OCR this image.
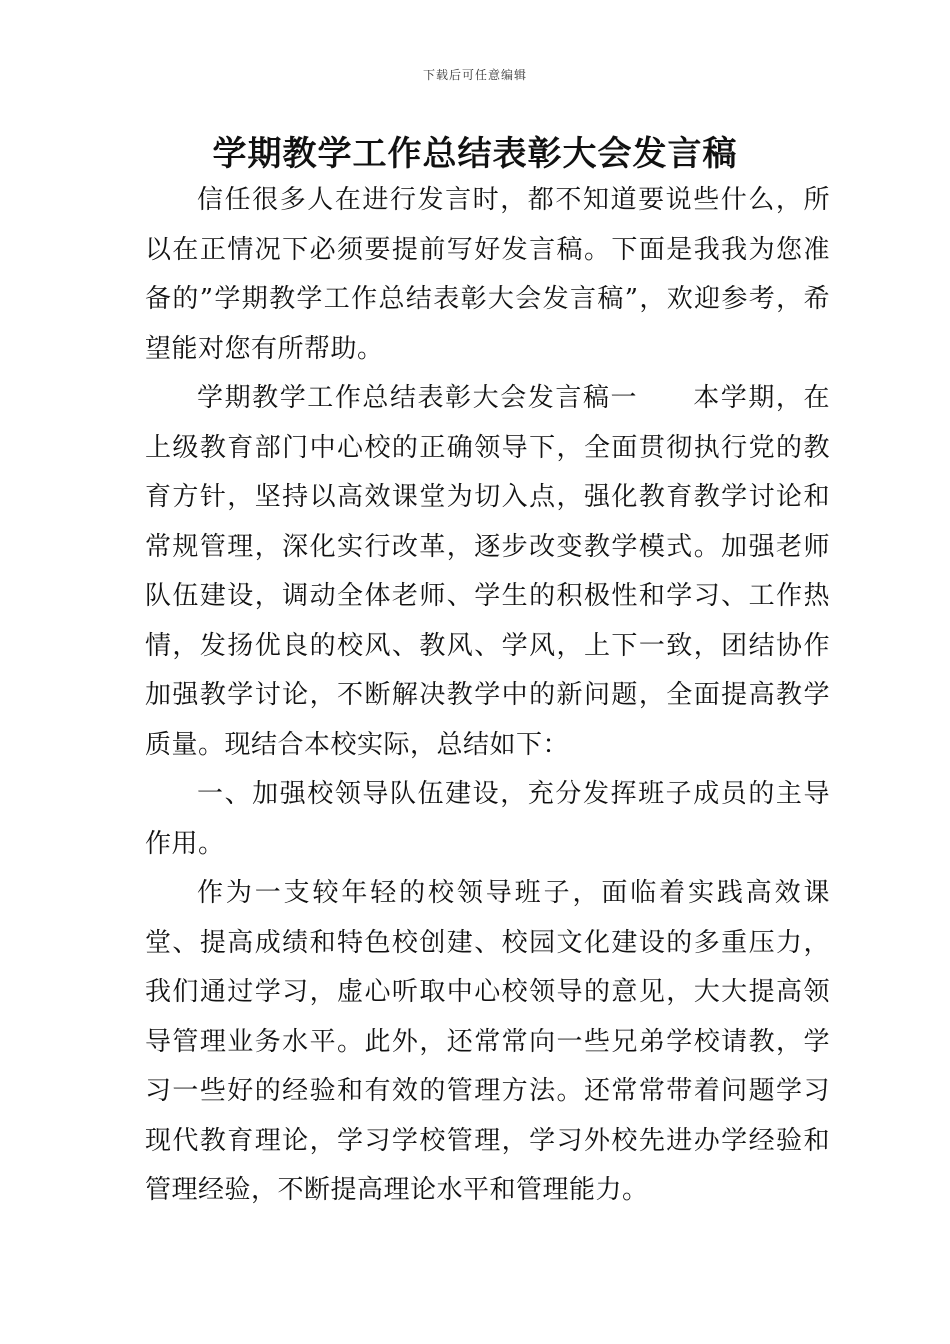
下载后可任意编辑
学期教学工作总结表彰大会发言稿

信任很多人在进行发言时，都不知道要说些什么，所以在正情况下必须要提前写好发言稿。下面是我我为您准备的”学期教学工作总结表彰大会发言稿”，欢迎参考，希望能对您有所帮助。

学期教学工作总结表彰大会发言稿一　　本学期，在上级教育部门中心校的正确领导下，全面贯彻执行党的教育方针，坚持以高效课堂为切入点，强化教育教学讨论和常规管理，深化实行改革，逐步改变教学模式。加强老师队伍建设，调动全体老师、学生的积极性和学习、工作热情，发扬优良的校风、教风、学风，上下一致，团结协作加强教学讨论，不断解决教学中的新问题，全面提高教学质量。现结合本校实际，总结如下：

一、加强校领导队伍建设，充分发挥班子成员的主导作用。

作为一支较年轻的校领导班子，面临着实践高效课堂、提高成绩和特色校创建、校园文化建设的多重压力，我们通过学习，虚心听取中心校领导的意见，大大提高领导管理业务水平。此外，还常常向一些兄弟学校请教，学习一些好的经验和有效的管理方法。还常常带着问题学习现代教育理论，学习学校管理，学习外校先进办学经验和管理经验，不断提高理论水平和管理能力。
